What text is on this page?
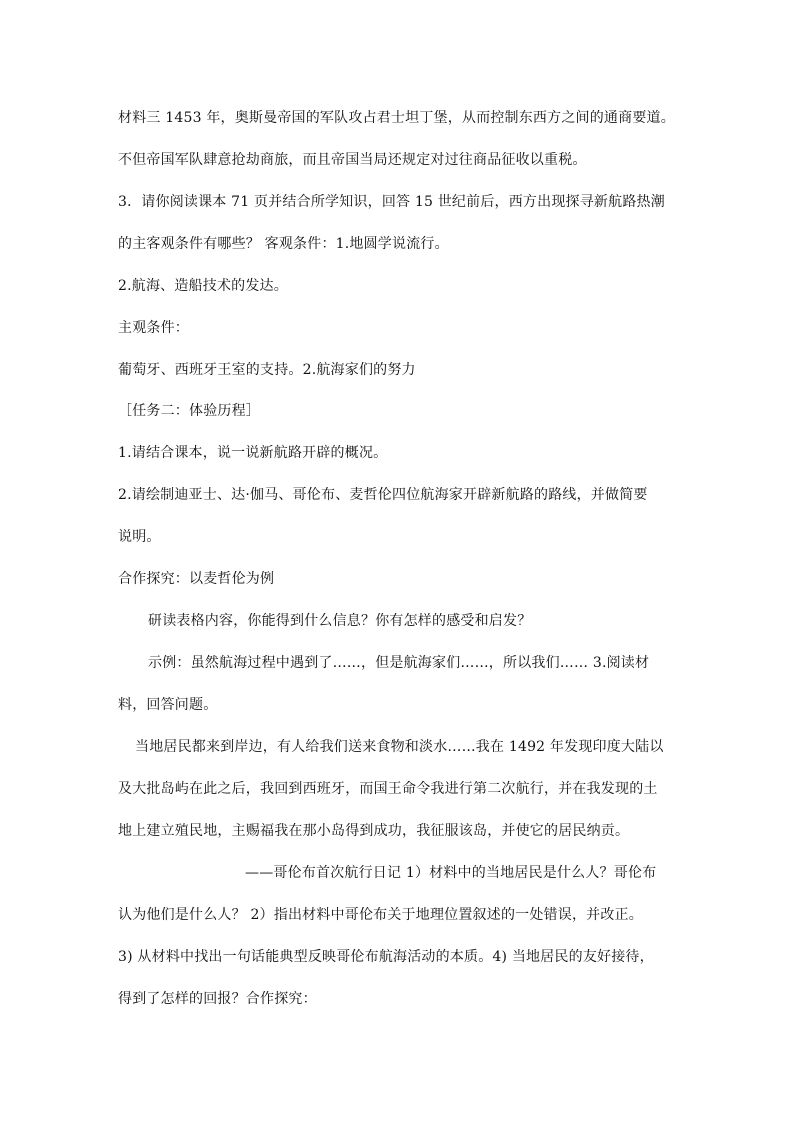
材料三 1453 年，奥斯曼帝国的军队攻占君士坦丁堡，从而控制东西方之间的通商要道。
不但帝国军队肆意抢劫商旅，而且帝国当局还规定对过往商品征收以重税。
3．请你阅读课本 71 页并结合所学知识，回答 15 世纪前后，西方出现探寻新航路热潮
的主客观条件有哪些？ 客观条件：1.地圆学说流行。
2.航海、造船技术的发达。
主观条件：
葡萄牙、西班牙王室的支持。2.航海家们的努力
［任务二：体验历程］
1.请结合课本，说一说新航路开辟的概况。
2.请绘制迪亚士、达·伽马、哥伦布、麦哲伦四位航海家开辟新航路的路线，并做简要
说明。
合作探究：以麦哲伦为例
研读表格内容，你能得到什么信息？你有怎样的感受和启发？
示例：虽然航海过程中遇到了……，但是航海家们……，所以我们…… 3.阅读材
料，回答问题。
当地居民都来到岸边，有人给我们送来食物和淡水……我在 1492 年发现印度大陆以
及大批岛屿在此之后，我回到西班牙，而国王命令我进行第二次航行，并在我发现的土
地上建立殖民地，主赐福我在那小岛得到成功，我征服该岛，并使它的居民纳贡。
——哥伦布首次航行日记 1）材料中的当地居民是什么人？哥伦布
认为他们是什么人？ 2）指出材料中哥伦布关于地理位置叙述的一处错误，并改正。
3) 从材料中找出一句话能典型反映哥伦布航海活动的本质。4) 当地居民的友好接待，
得到了怎样的回报？合作探究：
